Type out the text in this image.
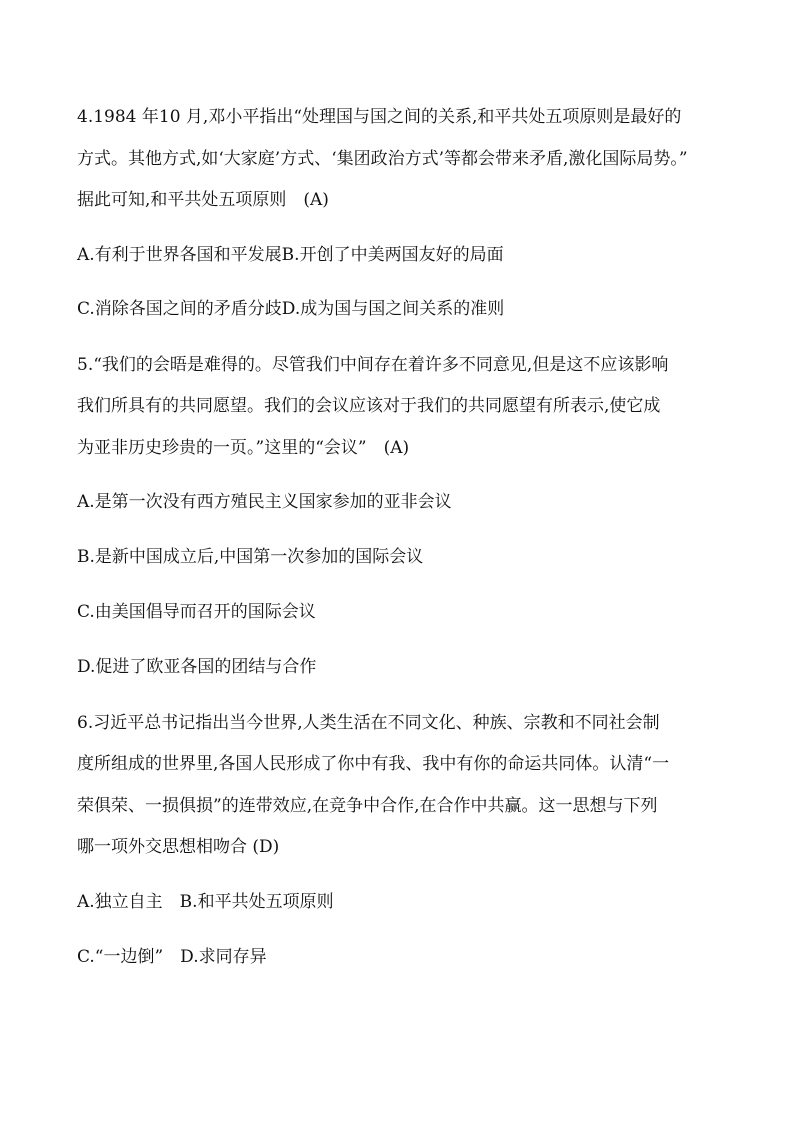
4.1984 年10 月,邓小平指出“处理国与国之间的关系,和平共处五项原则是最好的
方式。其他方式,如‘大家庭’方式、‘集团政治方式’等都会带来矛盾,激化国际局势。”
据此可知,和平共处五项原则　(A)
A.有利于世界各国和平发展B.开创了中美两国友好的局面
C.消除各国之间的矛盾分歧D.成为国与国之间关系的准则
5.“我们的会晤是难得的。尽管我们中间存在着许多不同意见,但是这不应该影响
我们所具有的共同愿望。我们的会议应该对于我们的共同愿望有所表示,使它成
为亚非历史珍贵的一页。”这里的“会议”　(A)
A.是第一次没有西方殖民主义国家参加的亚非会议
B.是新中国成立后,中国第一次参加的国际会议
C.由美国倡导而召开的国际会议
D.促进了欧亚各国的团结与合作
6.习近平总书记指出当今世界,人类生活在不同文化、种族、宗教和不同社会制
度所组成的世界里,各国人民形成了你中有我、我中有你的命运共同体。认清“一
荣俱荣、一损俱损”的连带效应,在竞争中合作,在合作中共赢。这一思想与下列
哪一项外交思想相吻合 (D)
A.独立自主　B.和平共处五项原则
C.“一边倒”　D.求同存异
